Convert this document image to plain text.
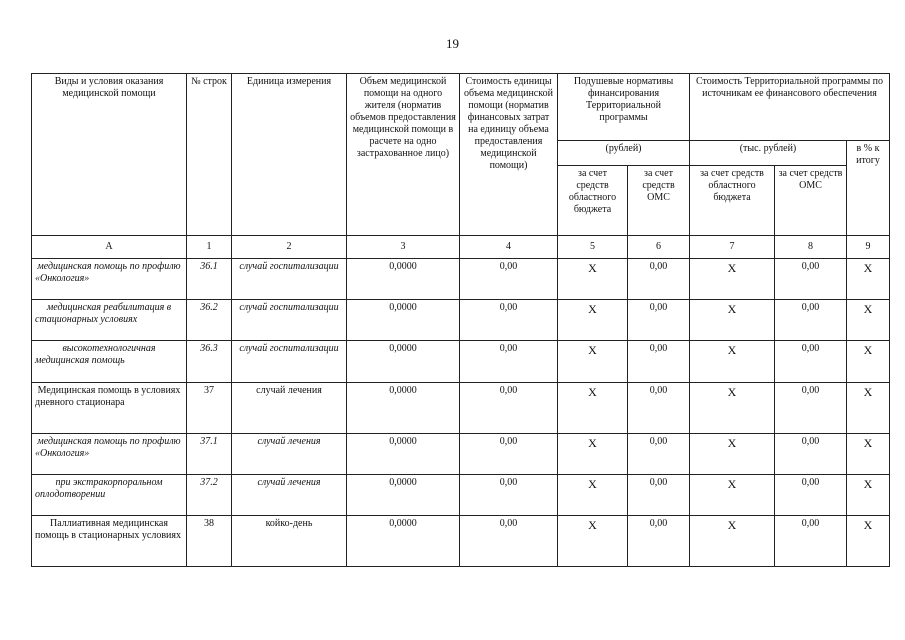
19
Виды и условия оказания медицинской помощи	№ строк	Единица измерения	Объем медицинской помощи на одного жителя (норматив объемов предоставления медицинской помощи в расчете на одно застрахованное лицо)	Стоимость единицы объема медицинской помощи (норматив финансовых затрат на единицу объема предоставления медицинской помощи)	Подушевые нормативы финансирования Территориальной программы		Стоимость Территориальной программы по источникам ее финансового обеспечения		
					(рублей)		(тыс. рублей)		в % к итогу
					за счет средств областного бюджета	за счет средств ОМС	за счет средств областного бюджета	за счет средств ОМС	
А	1	2	3	4	5	6	7	8	9
медицинская помощь по профилю «Онкология»	36.1	случай госпитализации	0,0000	0,00	X	0,00	X	0,00	X
медицинская реабилитация в стационарных условиях	36.2	случай госпитализации	0,0000	0,00	X	0,00	X	0,00	X
высокотехнологичная медицинская помощь	36.3	случай госпитализации	0,0000	0,00	X	0,00	X	0,00	X
Медицинская помощь в условиях дневного стационара	37	случай лечения	0,0000	0,00	X	0,00	X	0,00	X
медицинская помощь по профилю «Онкология»	37.1	случай лечения	0,0000	0,00	X	0,00	X	0,00	X
при экстракорпоральном оплодотворении	37.2	случай лечения	0,0000	0,00	X	0,00	X	0,00	X
Паллиативная медицинская помощь в стационарных условиях	38	койко-день	0,0000	0,00	X	0,00	X	0,00	X
